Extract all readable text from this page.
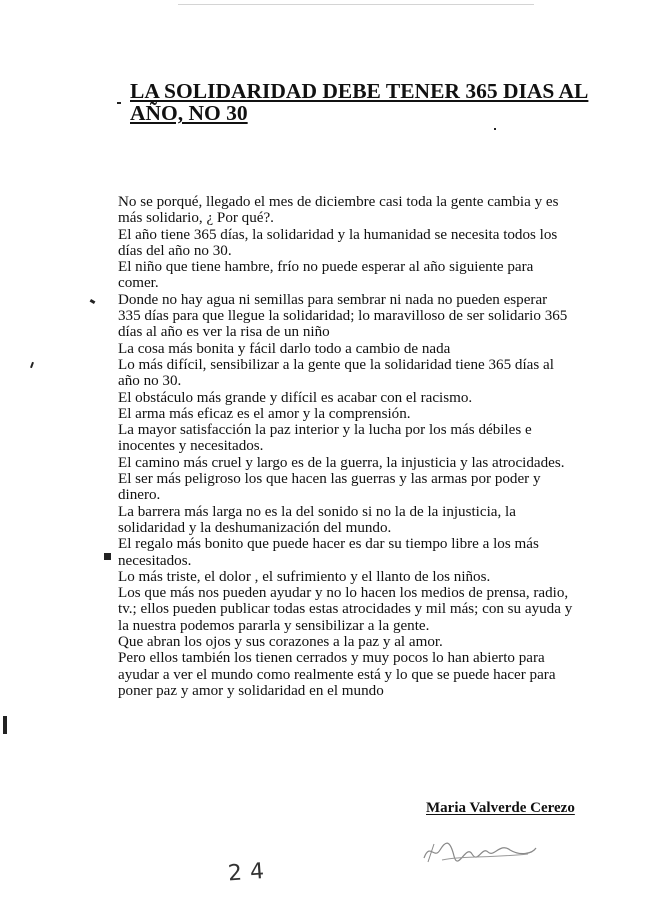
LA SOLIDARIDAD DEBE TENER 365 DIAS AL
AÑO, NO 30

No se porqué, llegado el mes de diciembre casi toda la gente cambia y es

más solidario, ¿ Por qué?.

El año tiene 365 días, la solidaridad y la humanidad se necesita todos los

días del año no 30.

El niño que tiene hambre, frío no puede esperar al año siguiente para

comer.

Donde no hay agua ni semillas para sembrar ni nada no pueden esperar

335 días para que llegue la solidaridad; lo maravilloso de ser solidario 365

días al año es ver la risa de un niño

La cosa más bonita y fácil darlo todo a cambio de nada

Lo más difícil, sensibilizar a la gente que la solidaridad tiene 365 días al

año no 30.

El obstáculo más grande y difícil es acabar con el racismo.

El arma más eficaz es el amor y la comprensión.

La mayor satisfacción la paz interior y la lucha por los más débiles e

inocentes y necesitados.

El camino más cruel y largo es de la guerra, la injusticia y las atrocidades.

El ser más peligroso los que hacen las guerras y las armas por poder y

dinero.

La barrera más larga no es la del sonido si no la de la injusticia, la

solidaridad y la deshumanización del mundo.

El regalo más bonito que puede hacer es dar su tiempo libre a los más

necesitados.

Lo más triste, el dolor , el sufrimiento y el llanto de los niños.

Los que más nos pueden ayudar y no lo hacen los medios de prensa, radio,

tv.; ellos pueden publicar todas estas atrocidades y mil más; con su ayuda y

la nuestra podemos pararla y sensibilizar a la gente.

Que abran los ojos y sus corazones a la paz y al amor.

Pero ellos también los tienen cerrados y muy pocos lo han abierto para

ayudar a ver el mundo como realmente está y lo que se puede hacer para

poner paz y amor y solidaridad en el mundo

Maria Valverde Cerezo
24
